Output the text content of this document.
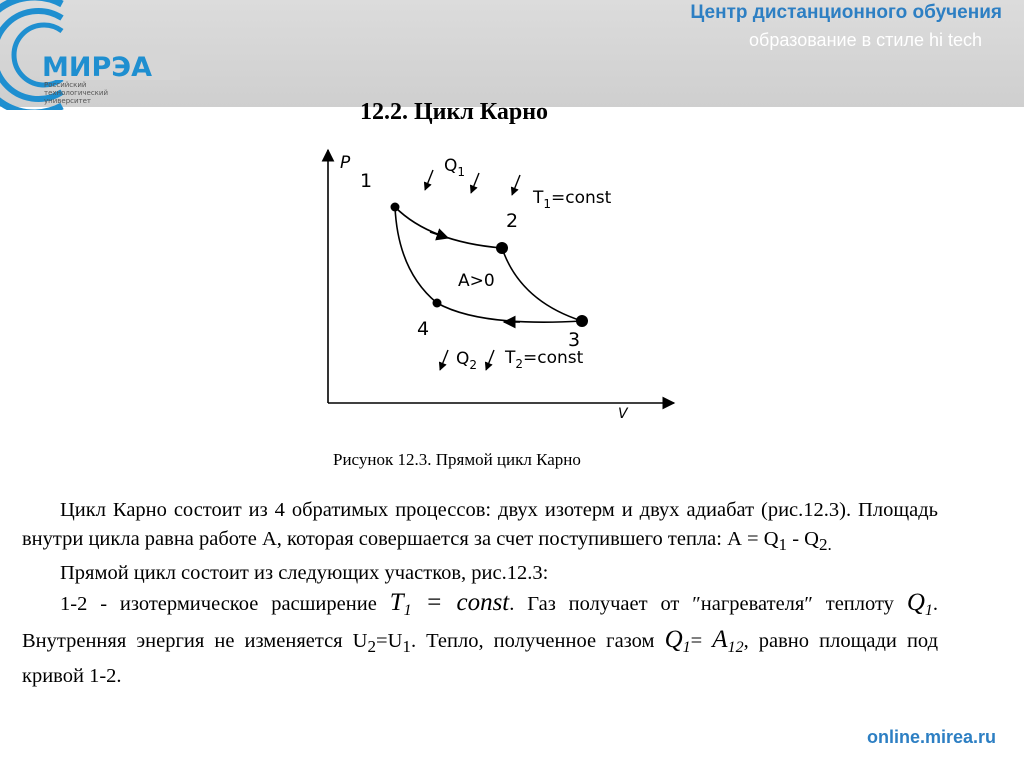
МИРЭА
Российский
технологический
университет
Центр дистанционного обучения
образование в стиле hi tech
12.2. Цикл Карно
P
V
1
2
3
4
$Q_1$
$T_1=const$
A>0
$Q_2$ $T_2=const$
Рисунок 12.3. Прямой цикл Карно

Цикл Карно состоит из 4 обратимых процессов: двух изотерм и двух адиабат (рис.12.3). Площадь внутри цикла равна работе А, которая совершается за счет поступившего тепла: $А = Q_1 - Q_{2.}$

Прямой цикл состоит из следующих участков, рис.12.3:

1-2 - изотермическое расширение $T_1$ = const. Газ получает от ″нагревателя″ теплоту $Q_1$. Внутренняя энергия не изменяется $U_2=U_1$. Тепло, полученное газом $Q_1= A_{12}$, равно площади под кривой 1-2.

online.mirea.ru
